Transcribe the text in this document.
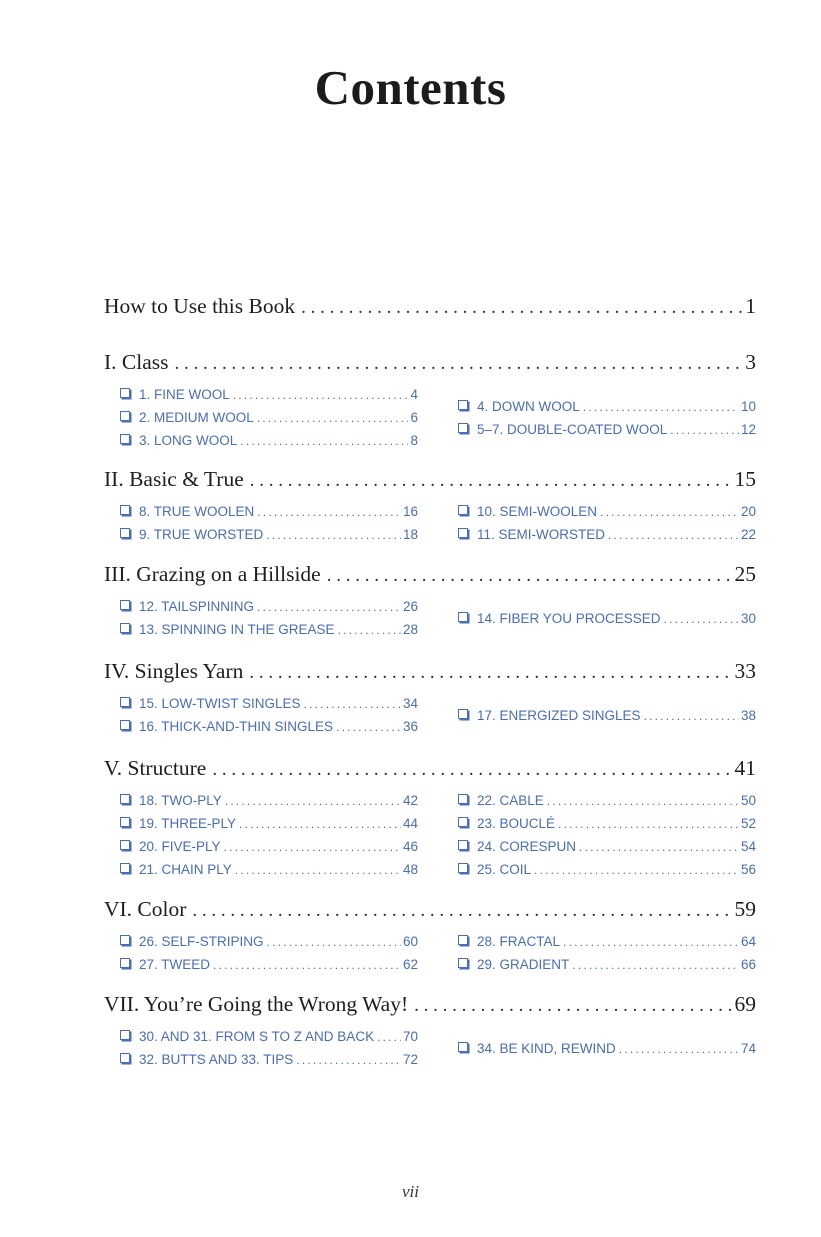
Contents
How to Use this Book . . .	1
I. Class . . .	3
1. FINE WOOL .....	4
2. MEDIUM WOOL .....	6
3. LONG WOOL .....	8
4. DOWN WOOL .....	10
5–7. DOUBLE-COATED WOOL .....	12
II. Basic & True . . .	15
8. TRUE WOOLEN .....	16
9. TRUE WORSTED .....	18
10. SEMI-WOOLEN .....	20
11. SEMI-WORSTED .....	22
III. Grazing on a Hillside . . .	25
12. TAILSPINNING .....	26
13. SPINNING IN THE GREASE .....	28
14. FIBER YOU PROCESSED .....	30
IV. Singles Yarn . . .	33
15. LOW-TWIST SINGLES .....	34
16. THICK-AND-THIN SINGLES .....	36
17. ENERGIZED SINGLES .....	38
V. Structure . . .	41
18. TWO-PLY .....	42
19. THREE-PLY .....	44
20. FIVE-PLY .....	46
21. CHAIN PLY .....	48
22. CABLE .....	50
23. BOUCLÉ .....	52
24. CORESPUN .....	54
25. COIL .....	56
VI. Color . . .	59
26. SELF-STRIPING .....	60
27. TWEED .....	62
28. FRACTAL .....	64
29. GRADIENT .....	66
VII. You’re Going the Wrong Way! . . .	69
30. AND 31. FROM S TO Z AND BACK ..... 70
32. BUTTS AND 33. TIPS .....	72
34. BE KIND, REWIND .....	74
vii
